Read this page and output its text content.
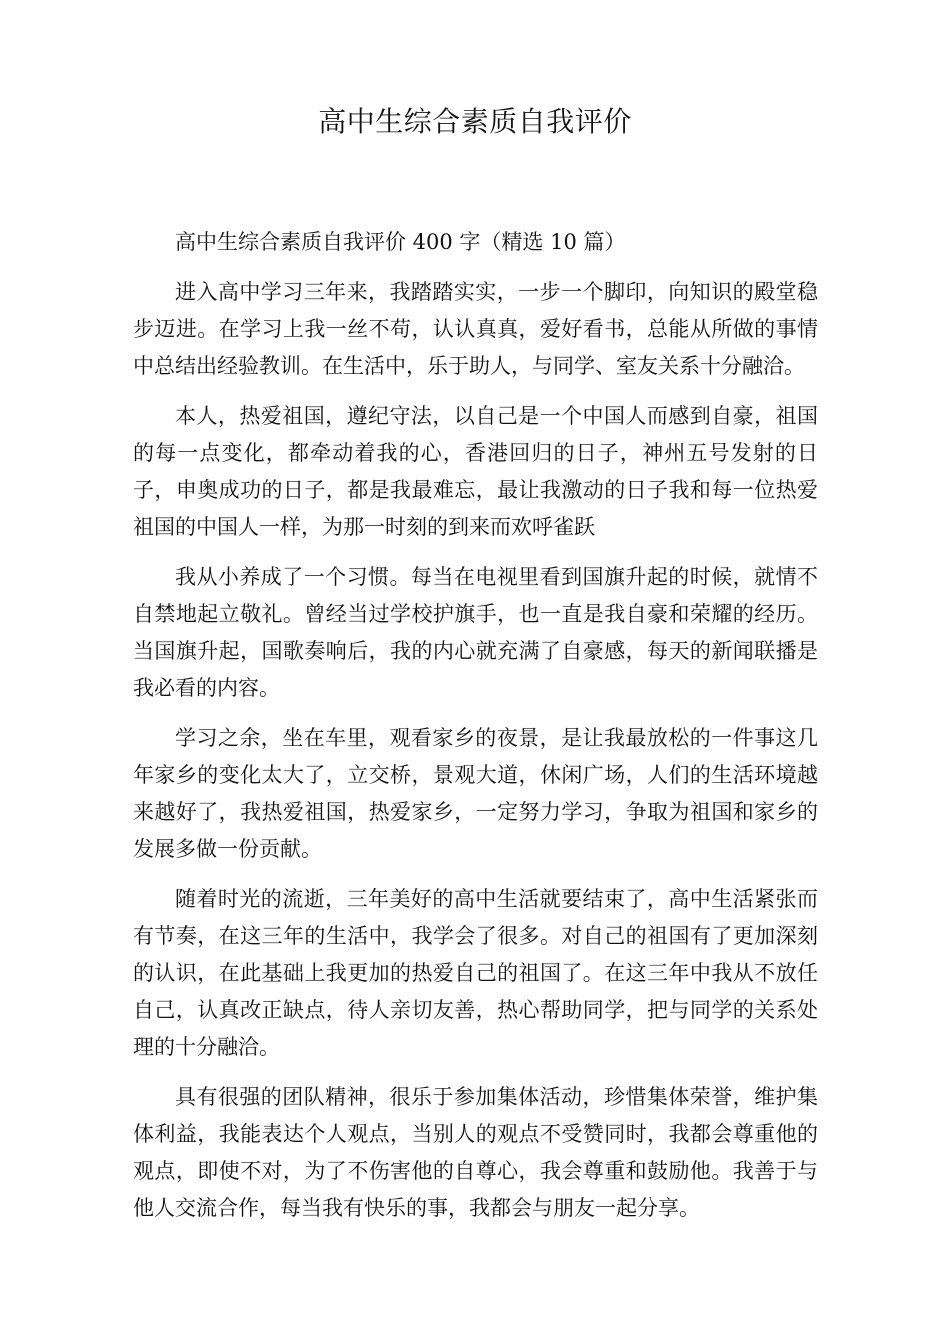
高中生综合素质自我评价

高中生综合素质自我评价 400 字（精选 10 篇）

进入高中学习三年来，我踏踏实实，一步一个脚印，向知识的殿堂稳步迈进。在学习上我一丝不苟，认认真真，爱好看书，总能从所做的事情中总结出经验教训。在生活中，乐于助人，与同学、室友关系十分融洽。

本人，热爱祖国，遵纪守法，以自己是一个中国人而感到自豪，祖国的每一点变化，都牵动着我的心，香港回归的日子，神州五号发射的日子，申奥成功的日子，都是我最难忘，最让我激动的日子我和每一位热爱祖国的中国人一样，为那一时刻的到来而欢呼雀跃

我从小养成了一个习惯。每当在电视里看到国旗升起的时候，就情不自禁地起立敬礼。曾经当过学校护旗手，也一直是我自豪和荣耀的经历。当国旗升起，国歌奏响后，我的内心就充满了自豪感，每天的新闻联播是我必看的内容。

学习之余，坐在车里，观看家乡的夜景，是让我最放松的一件事这几年家乡的变化太大了，立交桥，景观大道，休闲广场，人们的生活环境越来越好了，我热爱祖国，热爱家乡，一定努力学习，争取为祖国和家乡的发展多做一份贡献。

随着时光的流逝，三年美好的高中生活就要结束了，高中生活紧张而有节奏，在这三年的生活中，我学会了很多。对自己的祖国有了更加深刻的认识，在此基础上我更加的热爱自己的祖国了。在这三年中我从不放任自己，认真改正缺点，待人亲切友善，热心帮助同学，把与同学的关系处理的十分融洽。

具有很强的团队精神，很乐于参加集体活动，珍惜集体荣誉，维护集体利益，我能表达个人观点，当别人的观点不受赞同时，我都会尊重他的观点，即使不对，为了不伤害他的自尊心，我会尊重和鼓励他。我善于与他人交流合作，每当我有快乐的事，我都会与朋友一起分享。
